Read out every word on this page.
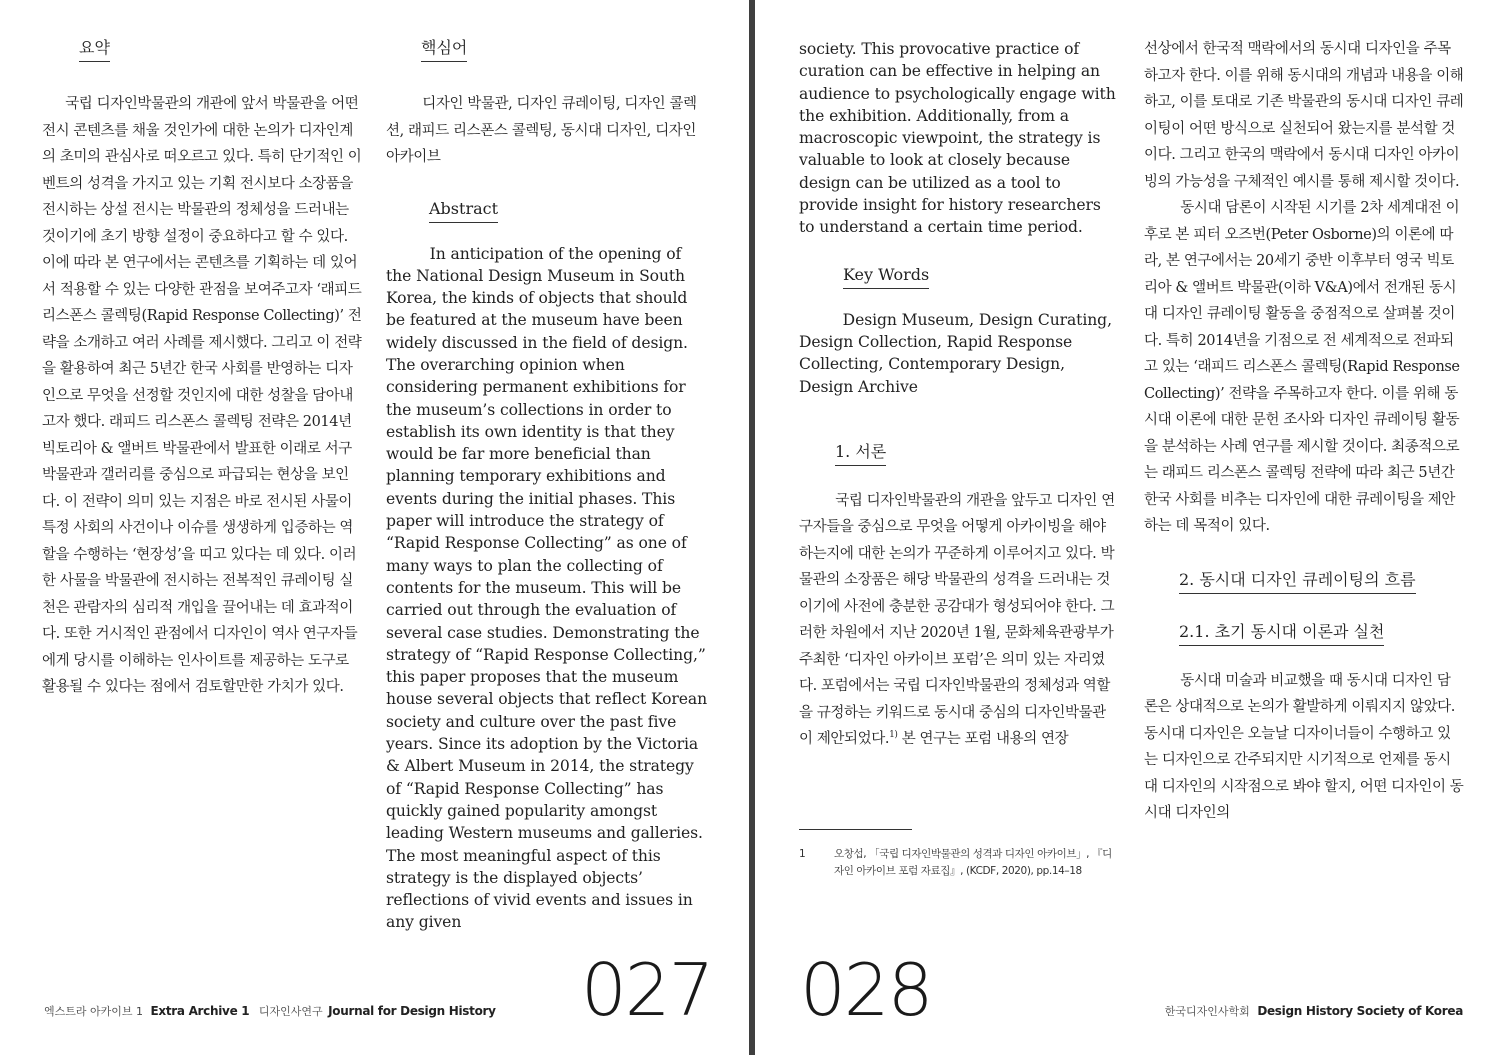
요약

국립 디자인박물관의 개관에 앞서 박물관을 어떤 전시 콘텐츠를 채울 것인가에 대한 논의가 디자인계의 초미의 관심사로 떠오르고 있다. 특히 단기적인 이벤트의 성격을 가지고 있는 기획 전시보다 소장품을 전시하는 상설 전시는 박물관의 정체성을 드러내는 것이기에 초기 방향 설정이 중요하다고 할 수 있다. 이에 따라 본 연구에서는 콘텐츠를 기획하는 데 있어서 적용할 수 있는 다양한 관점을 보여주고자 ‘래피드 리스폰스 콜렉팅(Rapid Response Collecting)’ 전략을 소개하고 여러 사례를 제시했다. 그리고 이 전략을 활용하여 최근 5년간 한국 사회를 반영하는 디자인으로 무엇을 선정할 것인지에 대한 성찰을 담아내고자 했다. 래피드 리스폰스 콜렉팅 전략은 2014년 빅토리아 & 앨버트 박물관에서 발표한 이래로 서구 박물관과 갤러리를 중심으로 파급되는 현상을 보인다. 이 전략이 의미 있는 지점은 바로 전시된 사물이 특정 사회의 사건이나 이슈를 생생하게 입증하는 역할을 수행하는 ‘현장성’을 띠고 있다는 데 있다. 이러한 사물을 박물관에 전시하는 전복적인 큐레이팅 실천은 관람자의 심리적 개입을 끌어내는 데 효과적이다. 또한 거시적인 관점에서 디자인이 역사 연구자들에게 당시를 이해하는 인사이트를 제공하는 도구로 활용될 수 있다는 점에서 검토할만한 가치가 있다.

핵심어

디자인 박물관, 디자인 큐레이팅, 디자인 콜렉션, 래피드 리스폰스 콜렉팅, 동시대 디자인, 디자인 아카이브

Abstract

In anticipation of the opening of the National Design Museum in South Korea, the kinds of objects that should be featured at the museum have been widely discussed in the field of design. The overarching opinion when considering permanent exhibitions for the museum’s collections in order to establish its own identity is that they would be far more beneficial than planning temporary exhibitions and events during the initial phases. This paper will introduce the strategy of “Rapid Response Collecting” as one of many ways to plan the collecting of contents for the museum. This will be carried out through the evaluation of several case studies. Demonstrating the strategy of “Rapid Response Collecting,” this paper proposes that the museum house several objects that reflect Korean society and culture over the past five years. Since its adoption by the Victoria & Albert Museum in 2014, the strategy of “Rapid Response Collecting” has quickly gained popularity amongst leading Western museums and galleries. The most meaningful aspect of this strategy is the displayed objects’ reflections of vivid events and issues in any given

027
엑스트라 아카이브 1 Extra Archive 1 디자인사연구 Journal for Design History

society. This provocative practice of curation can be effective in helping an audience to psychologically engage with the exhibition. Additionally, from a macroscopic viewpoint, the strategy is valuable to look at closely because design can be utilized as a tool to provide insight for history researchers to understand a certain time period.

Key Words

Design Museum, Design Curating, Design Collection, Rapid Response Collecting, Contemporary Design, Design Archive

1. 서론

국립 디자인박물관의 개관을 앞두고 디자인 연구자들을 중심으로 무엇을 어떻게 아카이빙을 해야 하는지에 대한 논의가 꾸준하게 이루어지고 있다. 박물관의 소장품은 해당 박물관의 성격을 드러내는 것이기에 사전에 충분한 공감대가 형성되어야 한다. 그러한 차원에서 지난 2020년 1월, 문화체육관광부가 주최한 ‘디자인 아카이브 포럼’은 의미 있는 자리였다. 포럼에서는 국립 디자인박물관의 정체성과 역할을 규정하는 키워드로 동시대 중심의 디자인박물관이 제안되었다.$^{1)}$ 본 연구는 포럼 내용의 연장

1	오창섭, 「국립 디자인박물관의 성격과 디자인 아카이브」, 『디자인 아카이브 포럼 자료집』, (KCDF, 2020), pp.14–18

선상에서 한국적 맥락에서의 동시대 디자인을 주목하고자 한다. 이를 위해 동시대의 개념과 내용을 이해하고, 이를 토대로 기존 박물관의 동시대 디자인 큐레이팅이 어떤 방식으로 실천되어 왔는지를 분석할 것이다. 그리고 한국의 맥락에서 동시대 디자인 아카이빙의 가능성을 구체적인 예시를 통해 제시할 것이다.

동시대 담론이 시작된 시기를 2차 세계대전 이후로 본 피터 오즈번(Peter Osborne)의 이론에 따라, 본 연구에서는 20세기 중반 이후부터 영국 빅토리아 & 앨버트 박물관(이하 V&A)에서 전개된 동시대 디자인 큐레이팅 활동을 중점적으로 살펴볼 것이다. 특히 2014년을 기점으로 전 세계적으로 전파되고 있는 ‘래피드 리스폰스 콜렉팅(Rapid Response Collecting)’ 전략을 주목하고자 한다. 이를 위해 동시대 이론에 대한 문헌 조사와 디자인 큐레이팅 활동을 분석하는 사례 연구를 제시할 것이다. 최종적으로는 래피드 리스폰스 콜렉팅 전략에 따라 최근 5년간 한국 사회를 비추는 디자인에 대한 큐레이팅을 제안하는 데 목적이 있다.

2. 동시대 디자인 큐레이팅의 흐름
2.1. 초기 동시대 이론과 실천

동시대 미술과 비교했을 때 동시대 디자인 담론은 상대적으로 논의가 활발하게 이뤄지지 않았다. 동시대 디자인은 오늘날 디자이너들이 수행하고 있는 디자인으로 간주되지만 시기적으로 언제를 동시대 디자인의 시작점으로 봐야 할지, 어떤 디자인이 동시대 디자인의

028	한국디자인사학회 Design History Society of Korea
